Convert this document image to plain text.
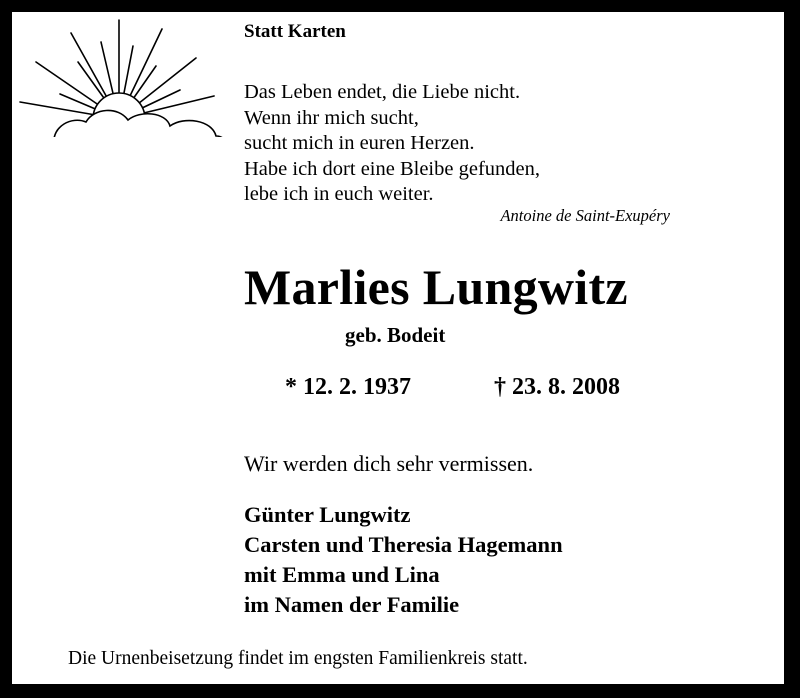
Statt Karten
Das Leben endet, die Liebe nicht.
Wenn ihr mich sucht,
sucht mich in euren Herzen.
Habe ich dort eine Bleibe gefunden,
lebe ich in euch weiter.
Antoine de Saint-Exupéry
Marlies Lungwitz
geb. Bodeit
* 12. 2. 1937	† 23. 8. 2008
Wir werden dich sehr vermissen.
Günter Lungwitz
Carsten und Theresia Hagemann
mit Emma und Lina
im Namen der Familie
Die Urnenbeisetzung findet im engsten Familienkreis statt.
